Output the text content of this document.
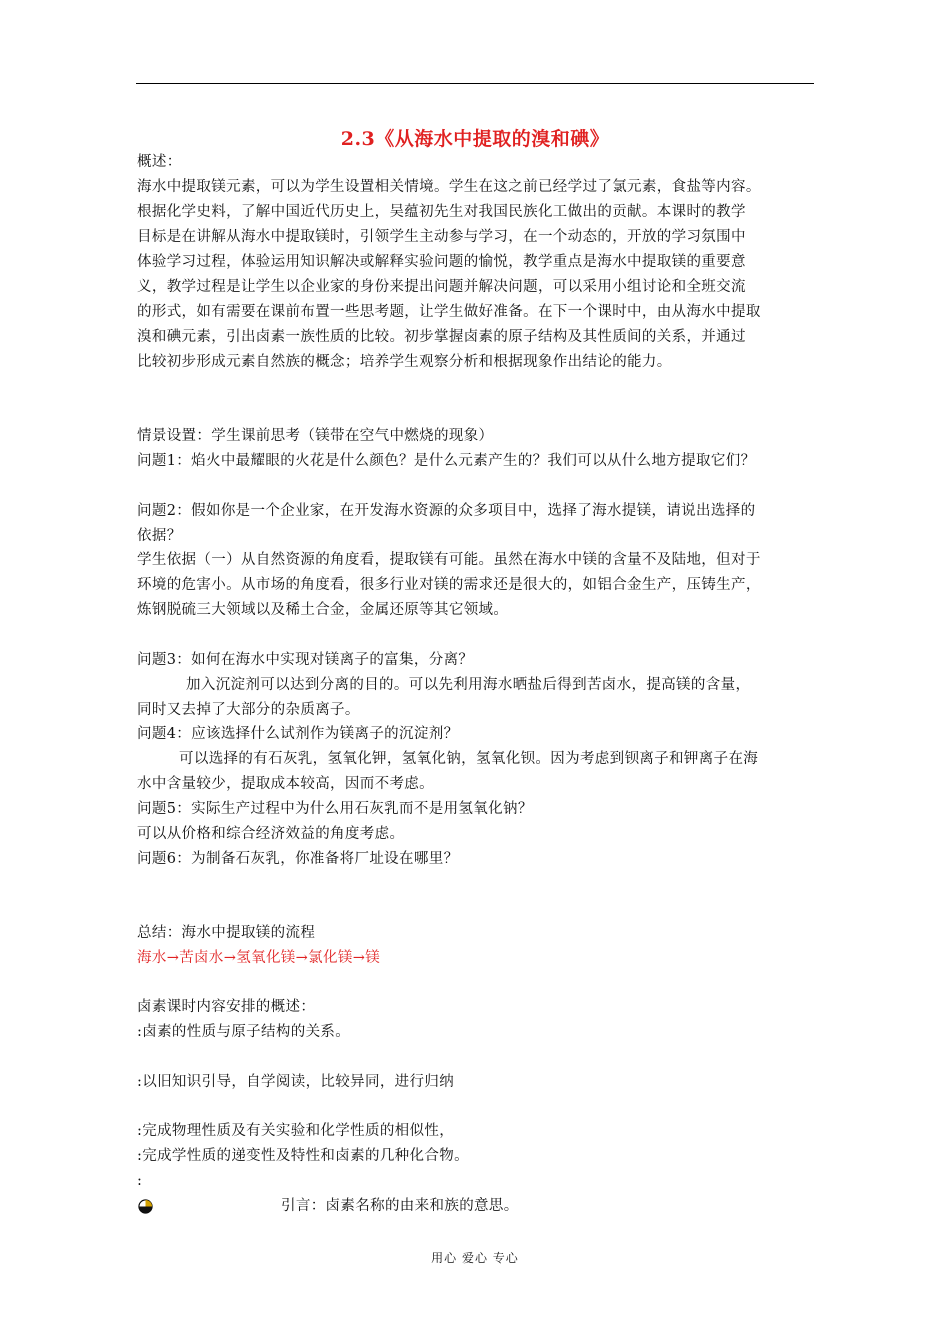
2.3《从海水中提取的溴和碘》
概述：
海水中提取镁元素，可以为学生设置相关情境。学生在这之前已经学过了氯元素，食盐等内容。
根据化学史料，了解中国近代历史上，吴蕴初先生对我国民族化工做出的贡献。本课时的教学
目标是在讲解从海水中提取镁时，引领学生主动参与学习，在一个动态的，开放的学习氛围中
体验学习过程，体验运用知识解决或解释实验问题的愉悦，教学重点是海水中提取镁的重要意
义，教学过程是让学生以企业家的身份来提出问题并解决问题，可以采用小组讨论和全班交流
的形式，如有需要在课前布置一些思考题，让学生做好准备。在下一个课时中，由从海水中提取
溴和碘元素，引出卤素一族性质的比较。初步掌握卤素的原子结构及其性质间的关系，并通过
比较初步形成元素自然族的概念；培养学生观察分析和根据现象作出结论的能力。
情景设置：学生课前思考（镁带在空气中燃烧的现象）
问题1：焰火中最耀眼的火花是什么颜色？是什么元素产生的？我们可以从什么地方提取它们？
问题2：假如你是一个企业家，在开发海水资源的众多项目中，选择了海水提镁，请说出选择的
依据？
学生依据（一）从自然资源的角度看，提取镁有可能。虽然在海水中镁的含量不及陆地，但对于
环境的危害小。从市场的角度看，很多行业对镁的需求还是很大的，如铝合金生产，压铸生产，
炼钢脱硫三大领域以及稀土合金，金属还原等其它领域。
问题3：如何在海水中实现对镁离子的富集，分离？
加入沉淀剂可以达到分离的目的。可以先利用海水晒盐后得到苦卤水，提高镁的含量，
同时又去掉了大部分的杂质离子。
问题4：应该选择什么试剂作为镁离子的沉淀剂？
可以选择的有石灰乳，氢氧化钾，氢氧化钠，氢氧化钡。因为考虑到钡离子和钾离子在海
水中含量较少，提取成本较高，因而不考虑。
问题5：实际生产过程中为什么用石灰乳而不是用氢氧化钠？
可以从价格和综合经济效益的角度考虑。
问题6：为制备石灰乳，你准备将厂址设在哪里？
总结：海水中提取镁的流程
海水→苦卤水→氢氧化镁→氯化镁→镁
卤素课时内容安排的概述：
:卤素的性质与原子结构的关系。
:以旧知识引导，自学阅读，比较异同，进行归纳
:完成物理性质及有关实验和化学性质的相似性，
:完成学性质的递变性及特性和卤素的几种化合物。
:
引言：卤素名称的由来和族的意思。
用心 爱心 专心
